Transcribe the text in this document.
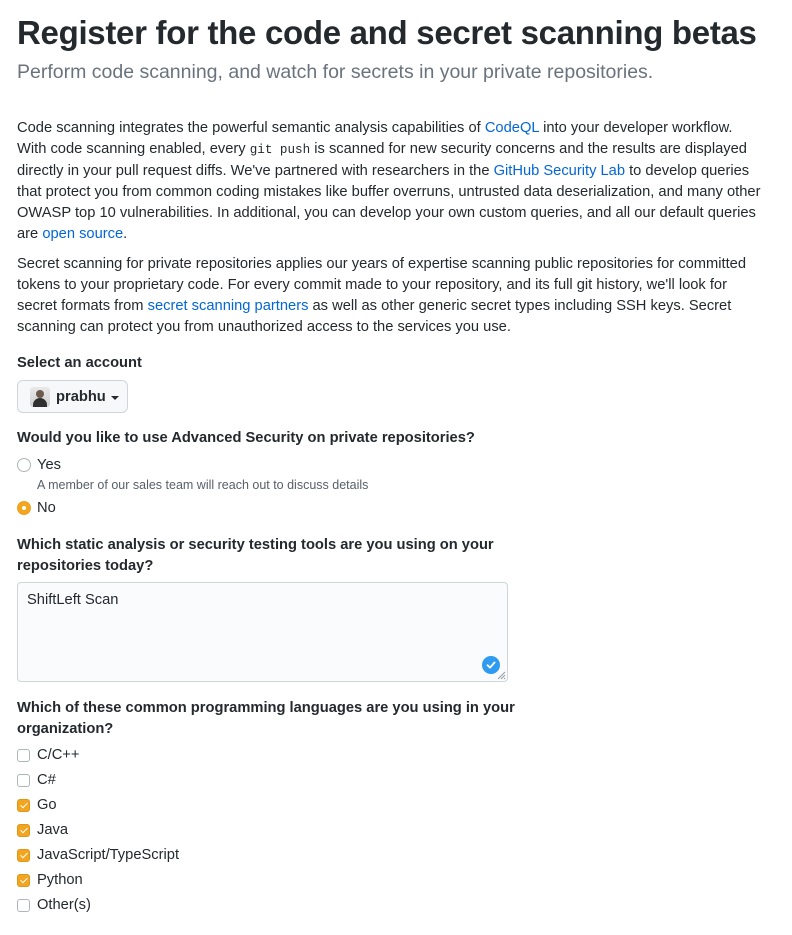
Register for the code and secret scanning betas

Perform code scanning, and watch for secrets in your private repositories.

Code scanning integrates the powerful semantic analysis capabilities of CodeQL into your developer workflow. With code scanning enabled, every git push is scanned for new security concerns and the results are displayed directly in your pull request diffs. We've partnered with researchers in the GitHub Security Lab to develop queries that protect you from common coding mistakes like buffer overruns, untrusted data deserialization, and many other OWASP top 10 vulnerabilities. In additional, you can develop your own custom queries, and all our default queries are open source.

Secret scanning for private repositories applies our years of expertise scanning public repositories for committed tokens to your proprietary code. For every commit made to your repository, and its full git history, we'll look for secret formats from secret scanning partners as well as other generic secret types including SSH keys. Secret scanning can protect you from unauthorized access to the services you use.

Select an account
prabhu
Would you like to use Advanced Security on private repositories?
Yes
A member of our sales team will reach out to discuss details
No
Which static analysis or security testing tools are you using on your
repositories today?
ShiftLeft Scan
Which of these common programming languages are you using in your
organization?
C/C++
C#
Go
Java
JavaScript/TypeScript
Python
Other(s)
